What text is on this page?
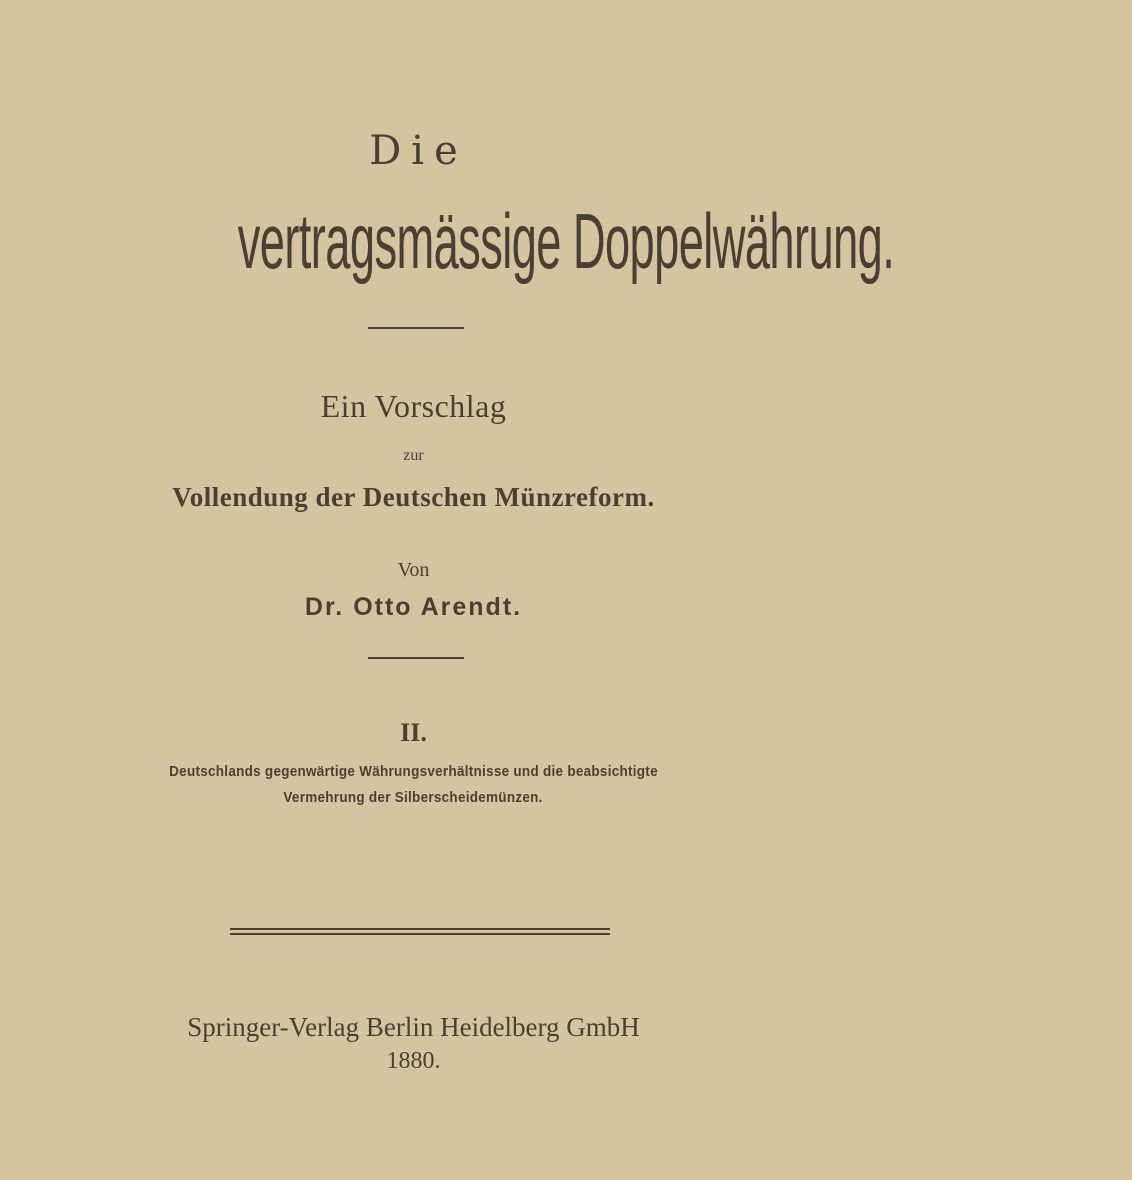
Die
vertragsmässige Doppelwährung.
Ein Vorschlag
zur
Vollendung der Deutschen Münzreform.
Von
Dr. Otto Arendt.
II.
Deutschlands gegenwärtige Währungsverhältnisse und die beabsichtigte
Vermehrung der Silberscheidemünzen.
Springer-Verlag Berlin Heidelberg GmbH
1880.
